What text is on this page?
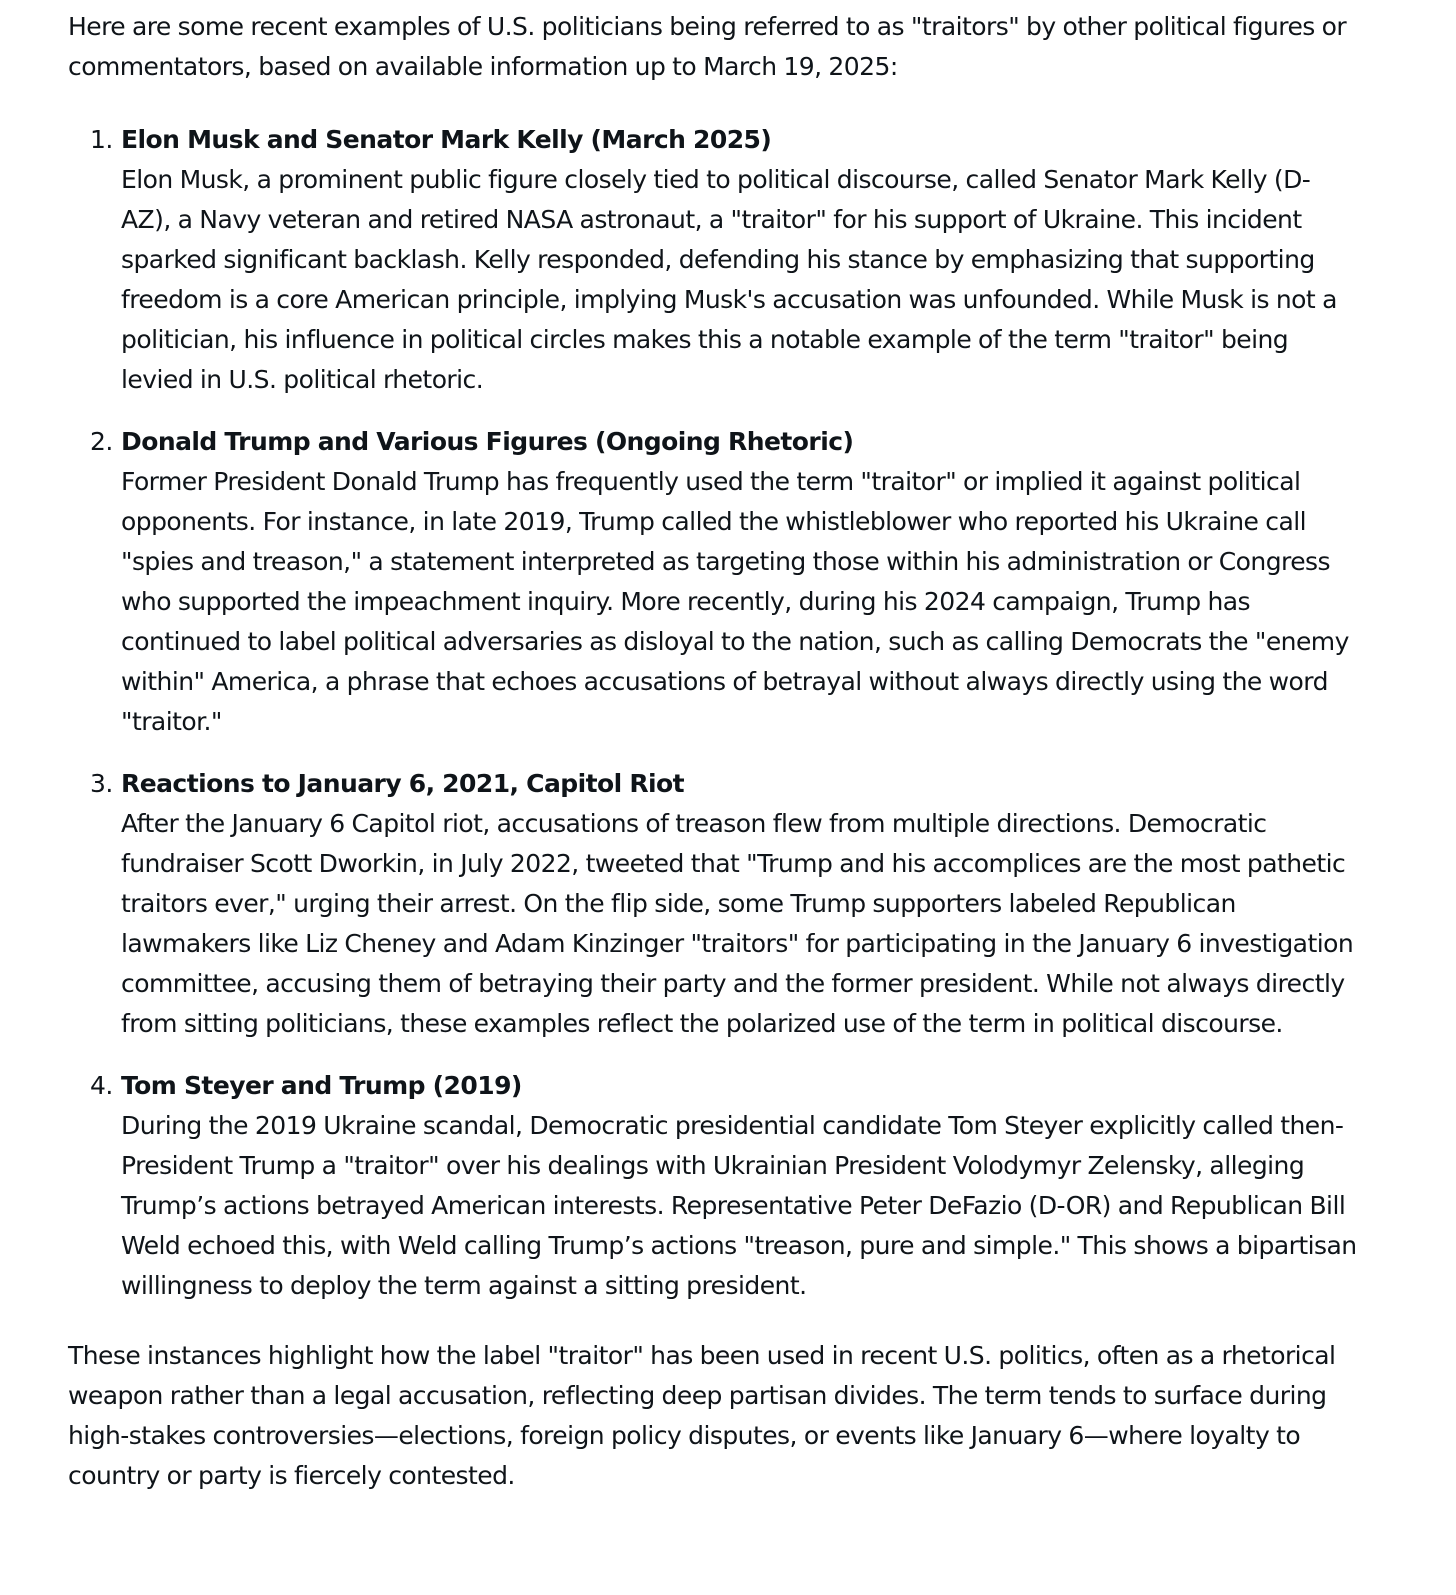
Here are some recent examples of U.S. politicians being referred to as "traitors" by other political figures or commentators, based on available information up to March 19, 2025:

1. Elon Musk and Senator Mark Kelly (March 2025)
Elon Musk, a prominent public figure closely tied to political discourse, called Senator Mark Kelly (D-AZ), a Navy veteran and retired NASA astronaut, a "traitor" for his support of Ukraine. This incident sparked significant backlash. Kelly responded, defending his stance by emphasizing that supporting freedom is a core American principle, implying Musk's accusation was unfounded. While Musk is not a politician, his influence in political circles makes this a notable example of the term "traitor" being levied in U.S. political rhetoric.
2. Donald Trump and Various Figures (Ongoing Rhetoric)
Former President Donald Trump has frequently used the term "traitor" or implied it against political opponents. For instance, in late 2019, Trump called the whistleblower who reported his Ukraine call "spies and treason," a statement interpreted as targeting those within his administration or Congress who supported the impeachment inquiry. More recently, during his 2024 campaign, Trump has continued to label political adversaries as disloyal to the nation, such as calling Democrats the "enemy within" America, a phrase that echoes accusations of betrayal without always directly using the word "traitor."
3. Reactions to January 6, 2021, Capitol Riot
After the January 6 Capitol riot, accusations of treason flew from multiple directions. Democratic fundraiser Scott Dworkin, in July 2022, tweeted that "Trump and his accomplices are the most pathetic traitors ever," urging their arrest. On the flip side, some Trump supporters labeled Republican lawmakers like Liz Cheney and Adam Kinzinger "traitors" for participating in the January 6 investigation committee, accusing them of betraying their party and the former president. While not always directly from sitting politicians, these examples reflect the polarized use of the term in political discourse.
4. Tom Steyer and Trump (2019)
During the 2019 Ukraine scandal, Democratic presidential candidate Tom Steyer explicitly called then-President Trump a "traitor" over his dealings with Ukrainian President Volodymyr Zelensky, alleging Trump’s actions betrayed American interests. Representative Peter DeFazio (D-OR) and Republican Bill Weld echoed this, with Weld calling Trump’s actions "treason, pure and simple." This shows a bipartisan willingness to deploy the term against a sitting president.

These instances highlight how the label "traitor" has been used in recent U.S. politics, often as a rhetorical weapon rather than a legal accusation, reflecting deep partisan divides. The term tends to surface during high-stakes controversies—elections, foreign policy disputes, or events like January 6—where loyalty to country or party is fiercely contested.
